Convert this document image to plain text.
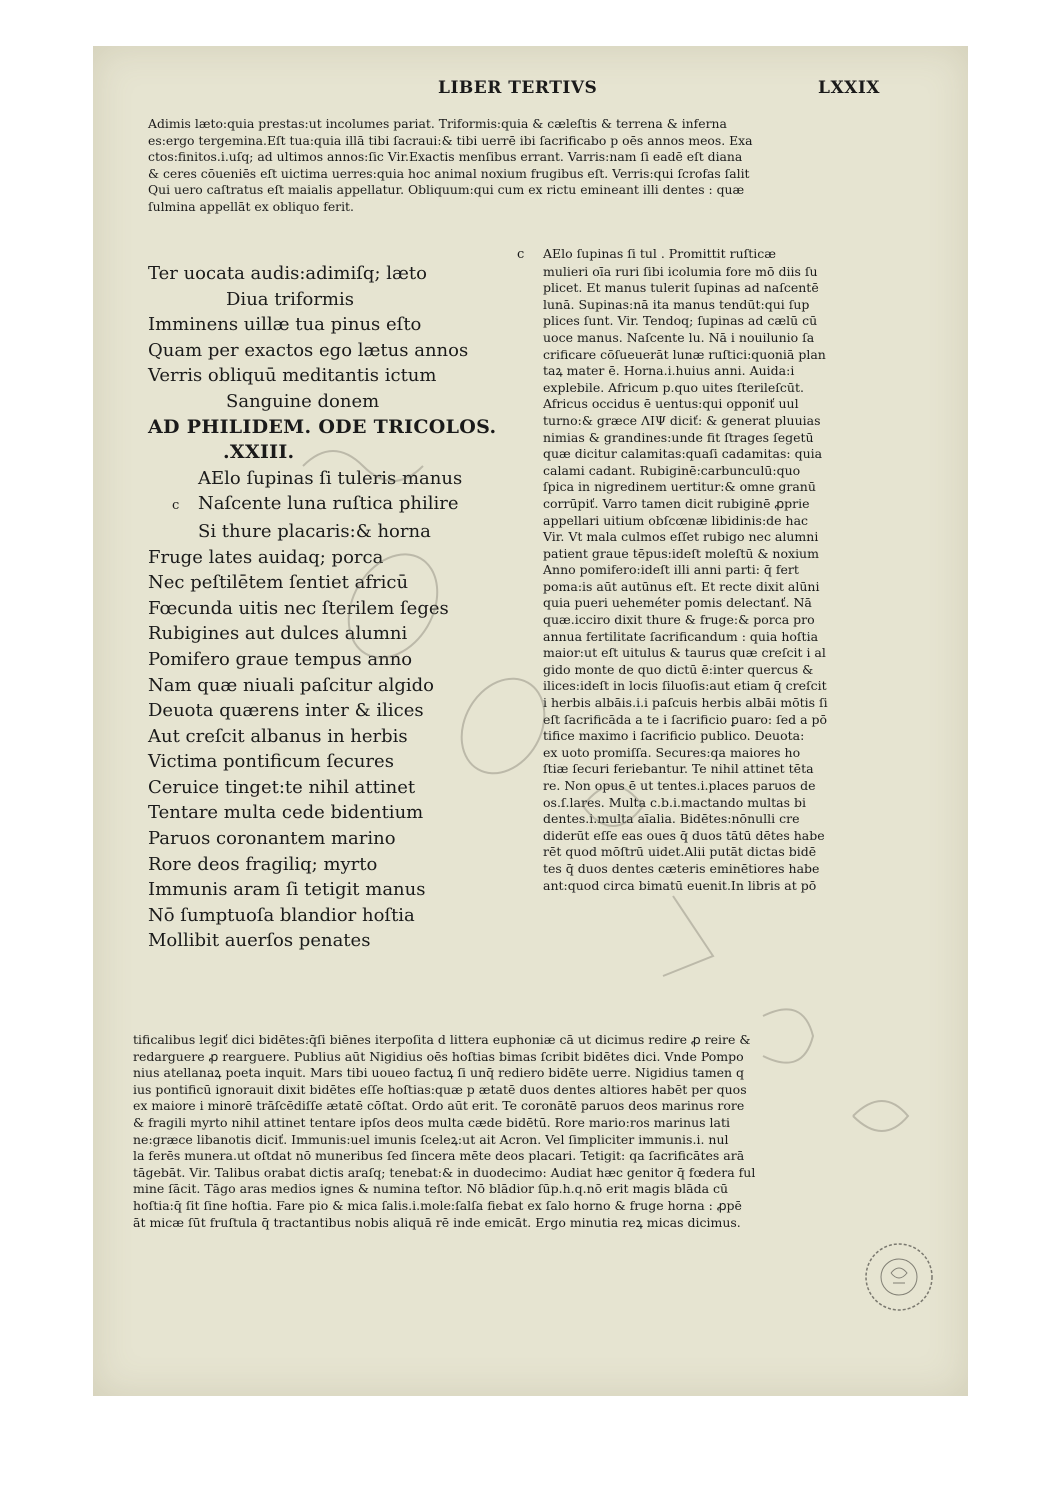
LIBER TERTIVS	LXXIX
Adimis læto:quia prestas:ut incolumes pariat. Triformis:quia & cæleſtis & terrena & inferna
es:ergo tergemina.Eſt tua:quia illā tibi ſacraui:& tibi uerrē ibi ſacrificabo p oēs annos meos. Exa
ctos:finitos.i.uſq; ad ultimos annos:ſic Vir.Exactis menſibus errant. Varris:nam ſi eadē eſt diana
& ceres cōueniēs eſt uictima uerres:quia hoc animal noxium frugibus eſt. Verris:qui ſcrofas ſalit
Qui uero caſtratus eſt maialis appellatur. Obliquum:qui cum ex rictu emineant illi dentes : quæ
ſulmina appellāt ex obliquo ferit.
Ter uocata audis:adimiſq; læto
Diua triformis
Imminens uillæ tua pinus eſto
Quam per exactos ego lætus annos
Verris obliquū meditantis ictum
Sanguine donem
AD PHILIDEM. ODE TRICOLOS.
.XXIII.
AElo ſupinas ſi tuleris manus
c Naſcente luna ruſtica philire
Si thure placaris:& horna
Fruge lates auidaq; porca
Nec peſtilētem ſentiet africū
Fœcunda uitis nec ſterilem ſeges
Rubigines aut dulces alumni
Pomifero graue tempus anno
Nam quæ niuali paſcitur algido
Deuota quærens inter & ilices
Aut creſcit albanus in herbis
Victima pontificum ſecures
Ceruice tinget:te nihil attinet
Tentare multa cede bidentium
Paruos coronantem marino
Rore deos fragiliq; myrto
Immunis aram ſi tetigit manus
Nō ſumptuoſa blandior hoſtia
Mollibit auerſos penates
c AElo ſupinas ſi tul . Promittit ruſticæ
mulieri oīa ruri ſibi icolumia fore mō diis ſu
plicet. Et manus tulerit ſupinas ad naſcentē
lunā. Supinas:nā ita manus tendūt:qui ſup
plices ſunt. Vir. Tendoq; ſupinas ad cælū cū
uoce manus. Naſcente lu. Nā i nouilunio ſa
crificare cōſueuerāt lunæ ruſtici:quoniā plan
taꝝ mater ē. Horna.i.huius anni. Auida:i
explebile. Africum p.quo uites ſterileſcūt.
Africus occidus ē uentus:qui opponiť uul
turno:& græce ΛΙΨ diciť: & generat pluuias
nimias & grandines:unde fit ſtrages ſegetū
quæ dicitur calamitas:quaſi cadamitas: quia
calami cadant. Rubiginē:carbunculū:quo
ſpica in nigredinem uertitur:& omne granū
corrūpiť. Varro tamen dicit rubiginē ꝓprie
appellari uitium obſcœnæ libidinis:de hac
Vir. Vt mala culmos eſſet rubigo nec alumni
patient graue tēpus:ideſt moleſtū & noxium
Anno pomifero:ideſt illi anni parti: q̄ fert
poma:is aūt autūnus eſt. Et recte dixit alūni
quia pueri ueheméter pomis delectanť. Nā
quæ.icciro dixit thure & fruge:& porca pro
annua fertilitate ſacrificandum : quia hoſtia
maior:ut eſt uitulus & taurus quæ creſcit i al
gido monte de quo dictū ē:inter quercus &
ilices:ideſt in locis ſiluoſis:aut etiam q̄ creſcit
i herbis albāis.i.i paſcuis herbis albāi mōtis ſi
eſt ſacrificāda a te i ſacrificio ꝑuaro: ſed a pō
tifice maximo i ſacrificio publico. Deuota:
ex uoto promiſſa. Secures:qa maiores ho
ſtiæ ſecuri feriebantur. Te nihil attinet tēta
re. Non opus ē ut tentes.i.places paruos de
os.ſ.lares. Multa c.b.i.mactando multas bi
dentes.i.multa aīalia. Bidētes:nōnulli cre
diderūt eſſe eas oues q̄ duos tātū dētes habe
rēt quod mōſtrū uidet.Alii putāt dictas bidē
tes q̄ duos dentes cæteris eminētiores habe
ant:quod circa bimatū euenit.In libris at pō
tificalibus legiť dici bidētes:q̄ſi biēnes iterpoſita d littera euphoniæ cā ut dicimus redire ꝓ reire &
redarguere ꝓ rearguere. Publius aūt Nigidius oēs hoſtias bimas ſcribit bidētes dici. Vnde Pompo
nius atellanaꝝ poeta inquit. Mars tibi uoueo factuꝝ ſi unq̄ rediero bidēte uerre. Nigidius tamen q
ius pontificū ignorauit dixit bidētes eſſe hoſtias:quæ p ætatē duos dentes altiores habēt per quos
ex maiore i minorē trāſcēdiſſe ætatē cōſtat. Ordo aūt erit. Te coronātē paruos deos marinus rore
& fragili myrto nihil attinet tentare ipſos deos multa cæde bidētū. Rore mario:ros marinus lati
ne:græce libanotis diciť. Immunis:uel imunis ſceleꝝ:ut ait Acron. Vel ſimpliciter immunis.i. nul
la ferēs munera.ut oſtdat nō muneribus ſed ſincera mēte deos placari. Tetigit: qa ſacrificātes arā
tāgebāt. Vir. Talibus orabat dictis araſq; tenebat:& in duodecimo: Audiat hæc genitor q̄ fœdera ful
mine ſācit. Tāgo aras medios ignes & numina teſtor. Nō blādior ſūp.h.q.nō erit magis blāda cū
hoſtia:q̄ ſit ſine hoſtia. Fare pio & mica ſalis.i.mole:ſalſa fiebat ex ſalo horno & fruge horna : ꝓpē
āt micæ ſūt fruſtula q̄ tractantibus nobis aliquā rē inde emicāt. Ergo minutia reꝝ micas dicimus.
